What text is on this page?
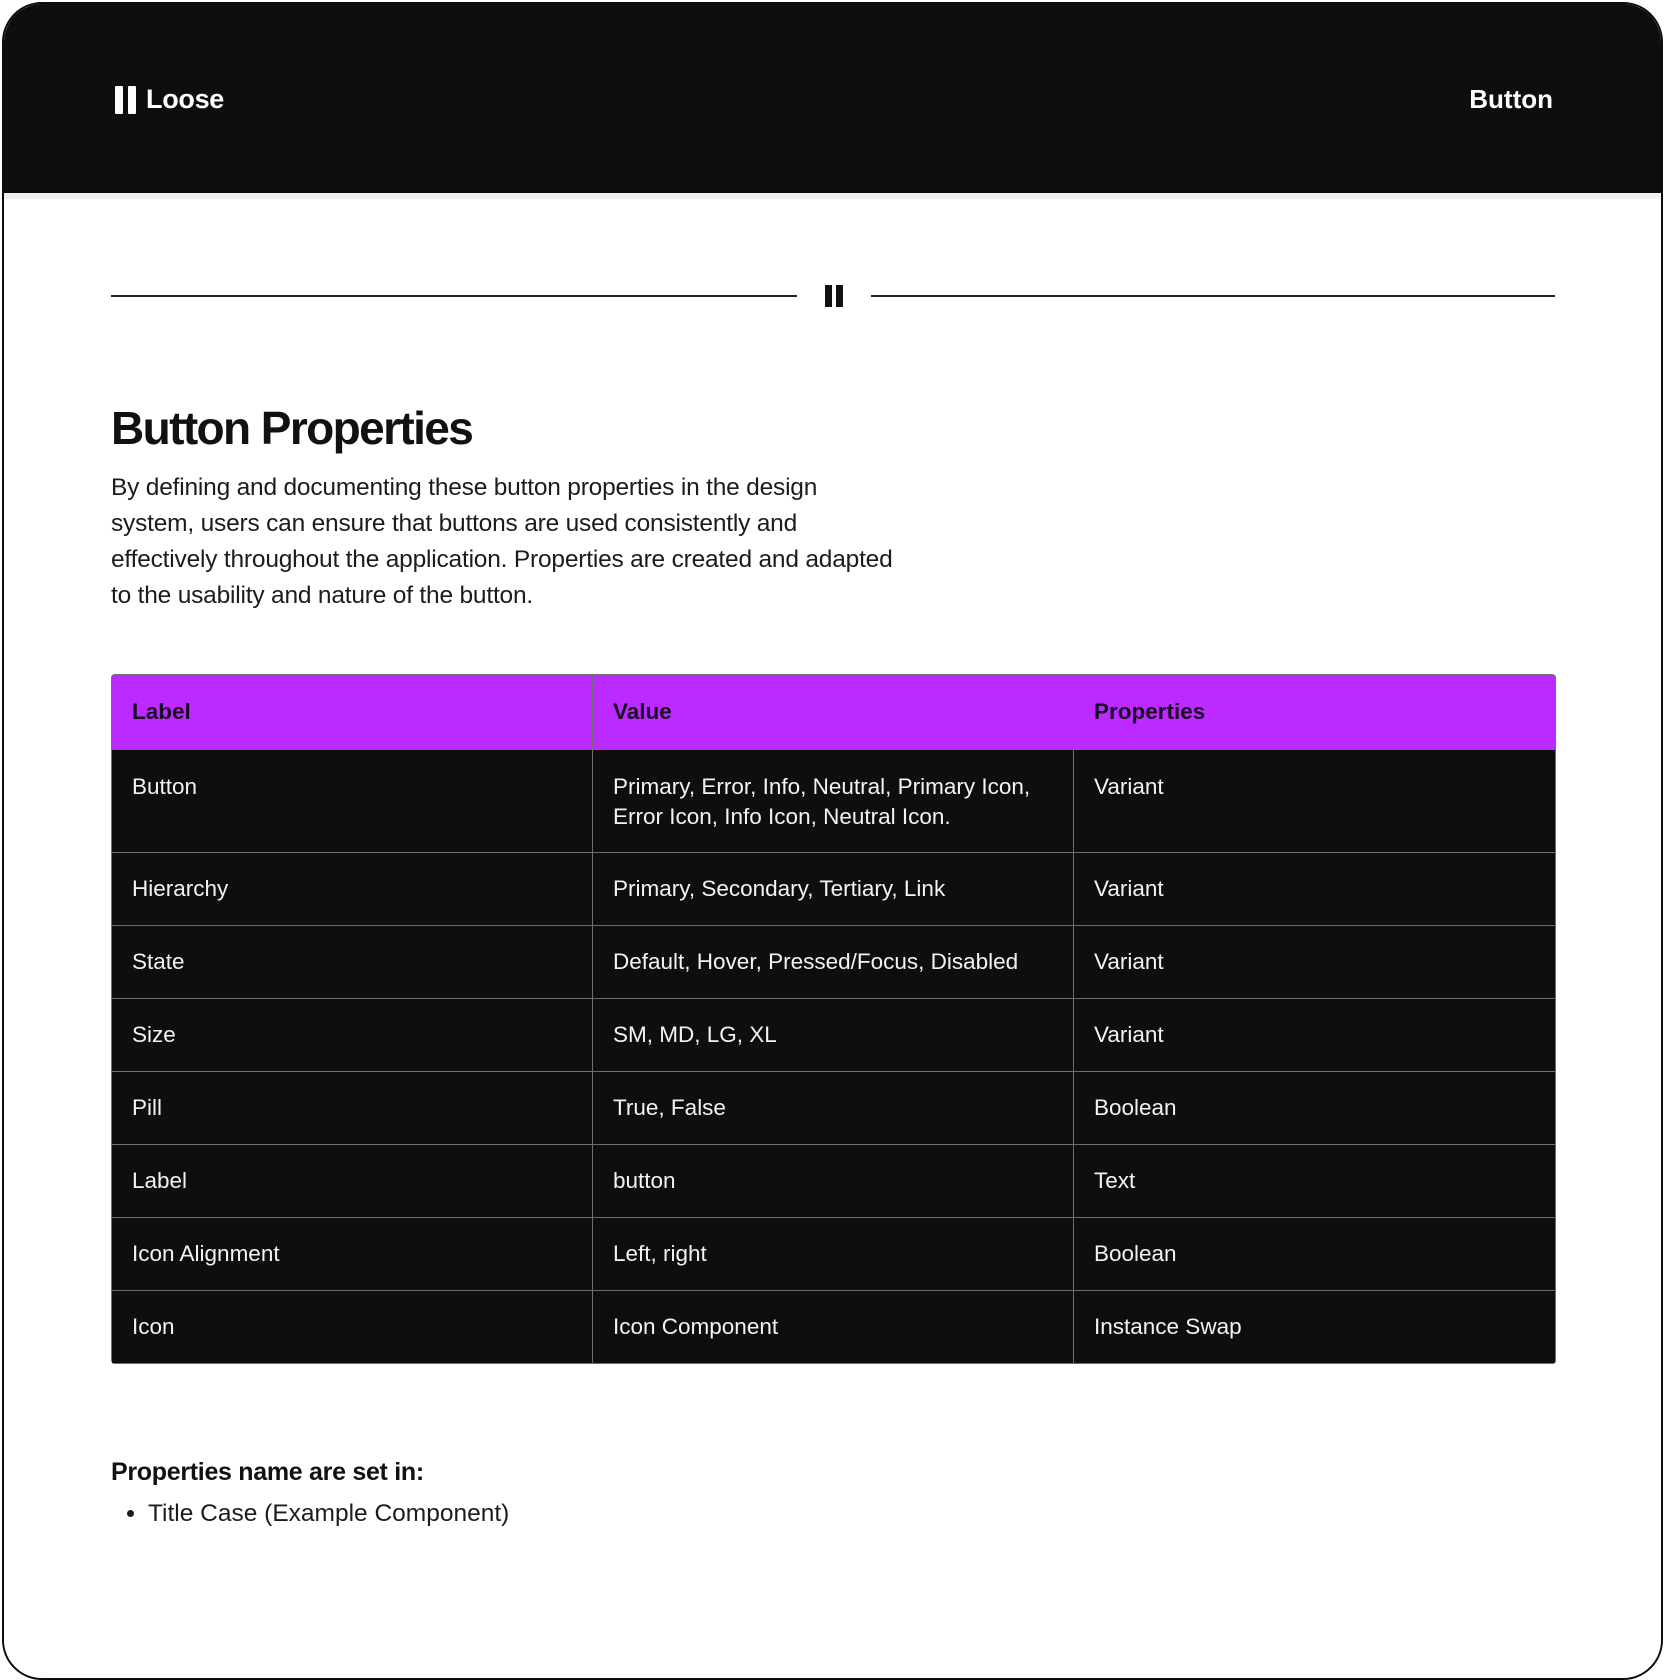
Loose	Button
Button Properties

By defining and documenting these button properties in the design system, users can ensure that buttons are used consistently and effectively throughout the application. Properties are created and adapted to the usability and nature of the button.

Label	Value	Properties
Button	Primary, Error, Info, Neutral, Primary Icon, Error Icon, Info Icon, Neutral Icon.	Variant
Hierarchy	Primary, Secondary, Tertiary, Link	Variant
State	Default, Hover, Pressed/Focus, Disabled	Variant
Size	SM, MD, LG, XL	Variant
Pill	True, False	Boolean
Label	button	Text
Icon Alignment	Left, right	Boolean
Icon	Icon Component	Instance Swap

Properties name are set in:

• Title Case (Example Component)
